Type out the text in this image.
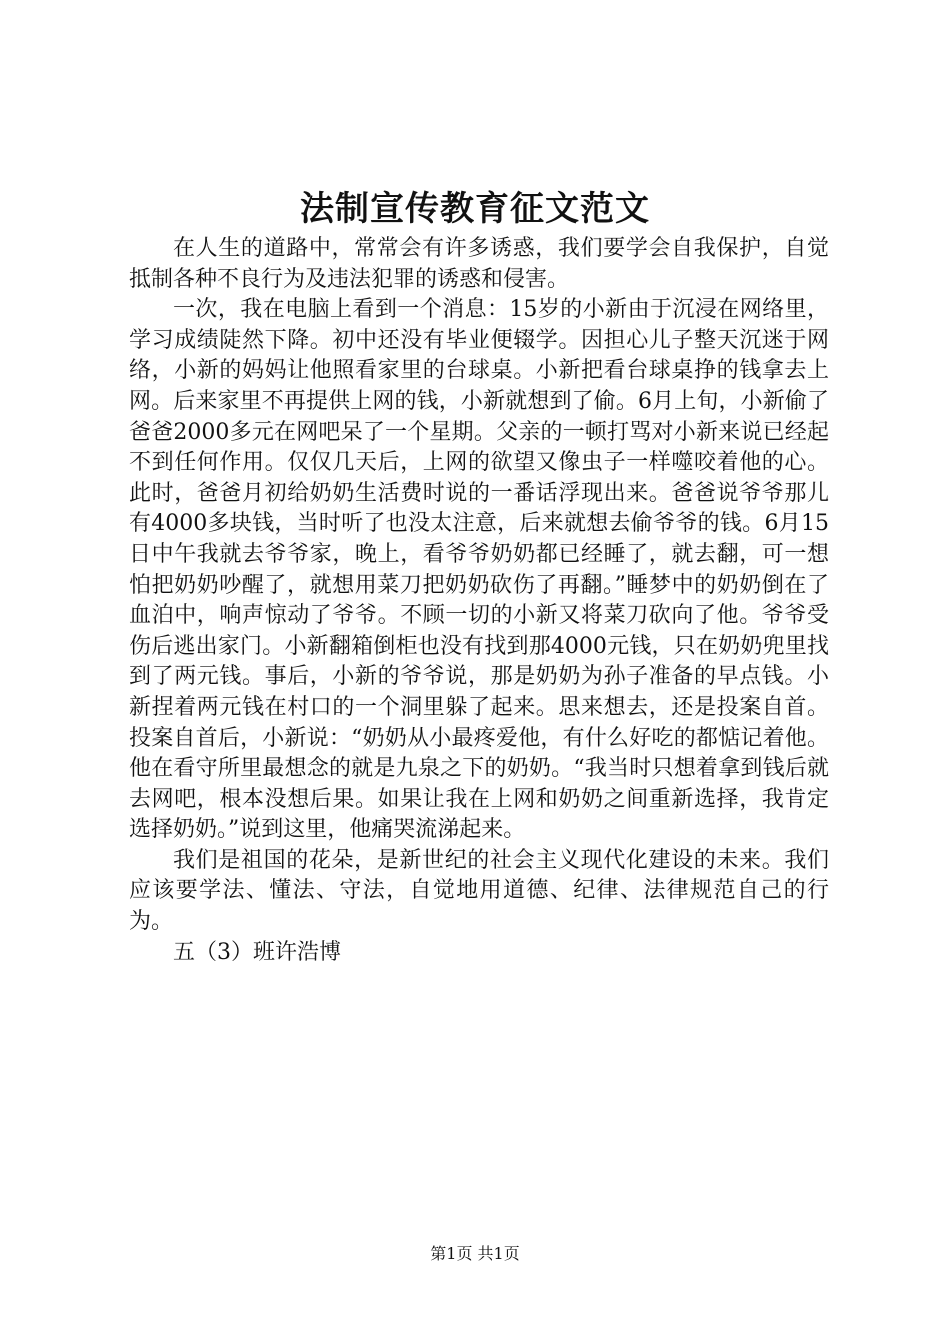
法制宣传教育征文范文

在人生的道路中，常常会有许多诱惑，我们要学会自我保护，自觉抵制各种不良行为及违法犯罪的诱惑和侵害。

一次，我在电脑上看到一个消息：15岁的小新由于沉浸在网络里，学习成绩陡然下降。初中还没有毕业便辍学。因担心儿子整天沉迷于网络，小新的妈妈让他照看家里的台球桌。小新把看台球桌挣的钱拿去上网。后来家里不再提供上网的钱，小新就想到了偷。6月上旬，小新偷了爸爸2000多元在网吧呆了一个星期。父亲的一顿打骂对小新来说已经起不到任何作用。仅仅几天后，上网的欲望又像虫子一样噬咬着他的心。此时，爸爸月初给奶奶生活费时说的一番话浮现出来。爸爸说爷爷那儿有4000多块钱，当时听了也没太注意，后来就想去偷爷爷的钱。6月15日中午我就去爷爷家，晚上，看爷爷奶奶都已经睡了，就去翻，可一想怕把奶奶吵醒了，就想用菜刀把奶奶砍伤了再翻。”睡梦中的奶奶倒在了血泊中，响声惊动了爷爷。不顾一切的小新又将菜刀砍向了他。爷爷受伤后逃出家门。小新翻箱倒柜也没有找到那4000元钱，只在奶奶兜里找到了两元钱。事后，小新的爷爷说，那是奶奶为孙子准备的早点钱。小新捏着两元钱在村口的一个洞里躲了起来。思来想去，还是投案自首。投案自首后，小新说：“奶奶从小最疼爱他，有什么好吃的都惦记着他。他在看守所里最想念的就是九泉之下的奶奶。“我当时只想着拿到钱后就去网吧，根本没想后果。如果让我在上网和奶奶之间重新选择，我肯定选择奶奶。”说到这里，他痛哭流涕起来。

我们是祖国的花朵，是新世纪的社会主义现代化建设的未来。我们应该要学法、懂法、守法，自觉地用道德、纪律、法律规范自己的行为。

五（3）班许浩博

第1页 共1页
